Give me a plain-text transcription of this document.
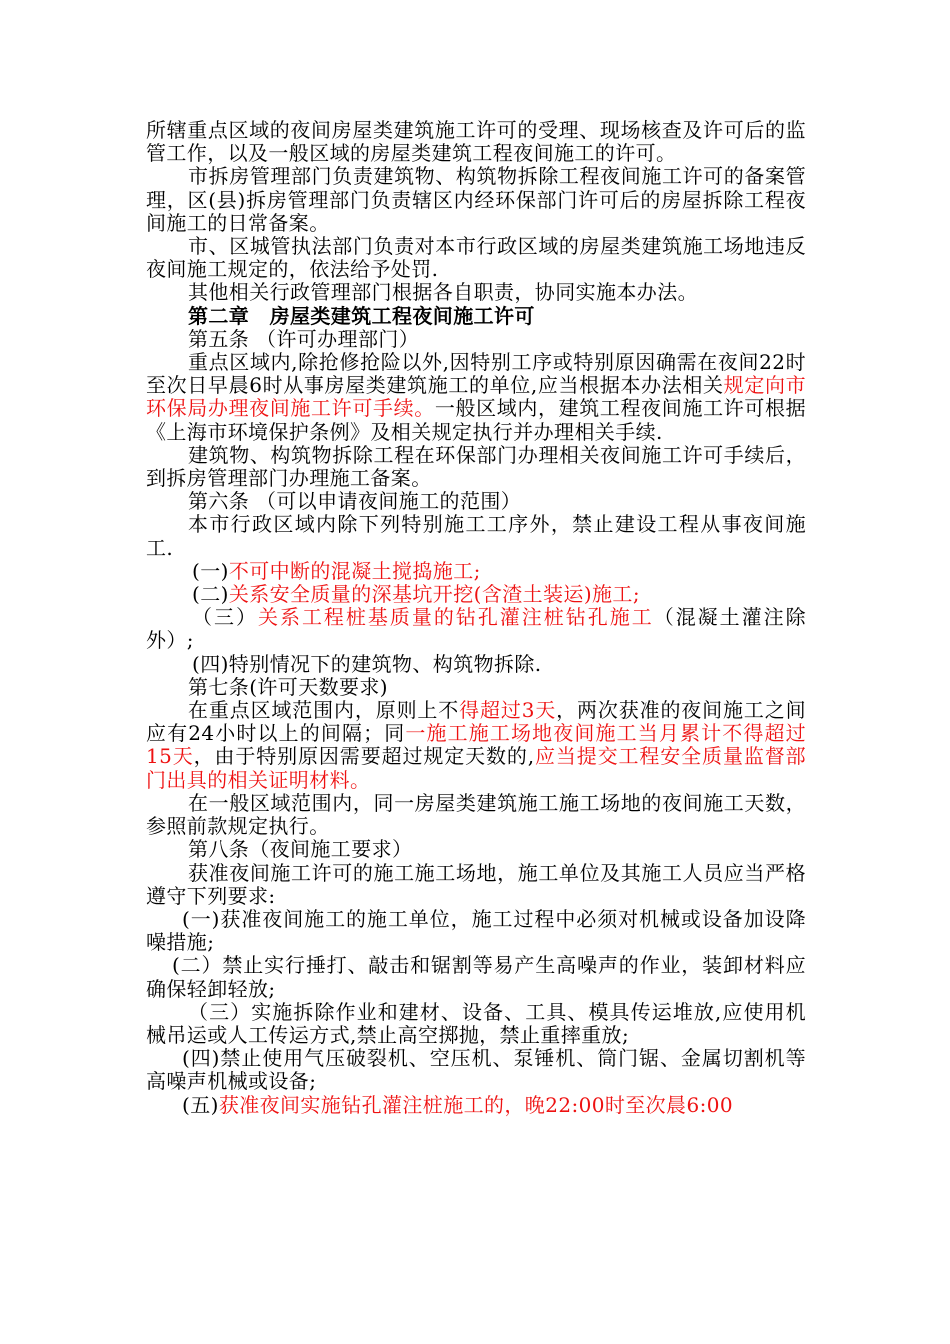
所辖重点区域的夜间房屋类建筑施工许可的受理、现场核查及许可后的监管工作，以及一般区域的房屋类建筑工程夜间施工的许可。

市拆房管理部门负责建筑物、构筑物拆除工程夜间施工许可的备案管理，区(县)拆房管理部门负责辖区内经环保部门许可后的房屋拆除工程夜间施工的日常备案。

市、区城管执法部门负责对本市行政区域的房屋类建筑施工场地违反夜间施工规定的，依法给予处罚.

其他相关行政管理部门根据各自职责，协同实施本办法。

第二章　房屋类建筑工程夜间施工许可

第五条 （许可办理部门）

重点区域内,除抢修抢险以外,因特别工序或特别原因确需在夜间22时至次日早晨6时从事房屋类建筑施工的单位,应当根据本办法相关规定向市环保局办理夜间施工许可手续。一般区域内，建筑工程夜间施工许可根据《上海市环境保护条例》及相关规定执行并办理相关手续.

建筑物、构筑物拆除工程在环保部门办理相关夜间施工许可手续后，到拆房管理部门办理施工备案。

第六条 （可以申请夜间施工的范围）

本市行政区域内除下列特别施工工序外，禁止建设工程从事夜间施工.

(一)不可中断的混凝土搅捣施工;

(二)关系安全质量的深基坑开挖(含渣土装运)施工;

（三）关系工程桩基质量的钻孔灌注桩钻孔施工（混凝土灌注除外）;

(四)特别情况下的建筑物、构筑物拆除.

第七条(许可天数要求)

在重点区域范围内，原则上不得超过3天，两次获准的夜间施工之间应有24小时以上的间隔；同一施工施工场地夜间施工当月累计不得超过15天，由于特别原因需要超过规定天数的,应当提交工程安全质量监督部门出具的相关证明材料。

在一般区域范围内，同一房屋类建筑施工施工场地的夜间施工天数，参照前款规定执行。

第八条（夜间施工要求）

获准夜间施工许可的施工施工场地，施工单位及其施工人员应当严格遵守下列要求:

(一)获准夜间施工的施工单位，施工过程中必须对机械或设备加设降噪措施;

(二）禁止实行捶打、敲击和锯割等易产生高噪声的作业，装卸材料应确保轻卸轻放;

（三）实施拆除作业和建材、设备、工具、模具传运堆放,应使用机械吊运或人工传运方式,禁止高空掷抛，禁止重摔重放;

(四)禁止使用气压破裂机、空压机、泵锤机、筒门锯、金属切割机等高噪声机械或设备;

(五)获准夜间实施钻孔灌注桩施工的，晚22:00时至次晨6:00
